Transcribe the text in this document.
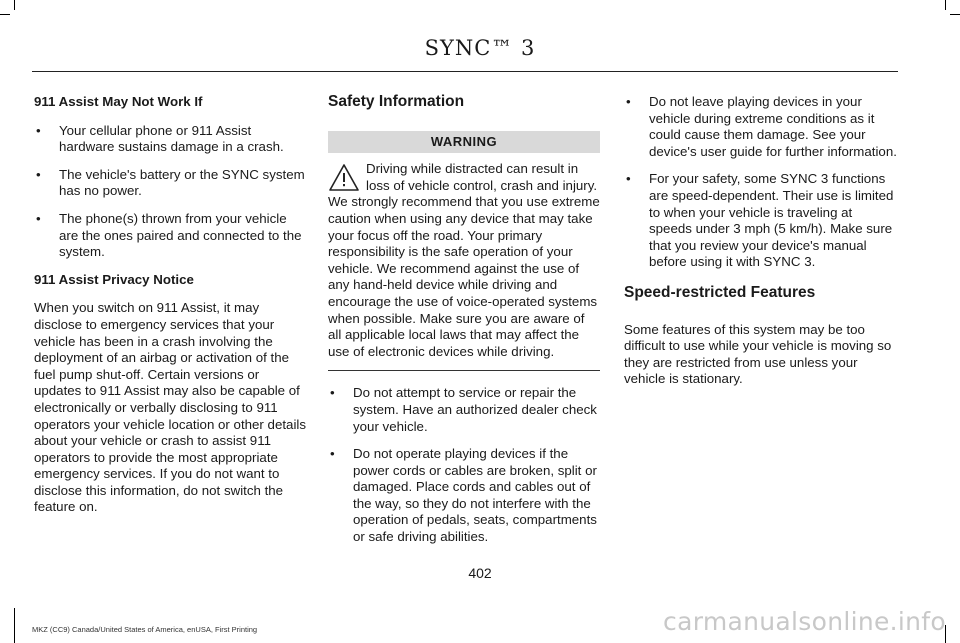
SYNC™ 3
911 Assist May Not Work If
• Your cellular phone or 911 Assist hardware sustains damage in a crash.
• The vehicle's battery or the SYNC system has no power.
• The phone(s) thrown from your vehicle are the ones paired and connected to the system.
911 Assist Privacy Notice

When you switch on 911 Assist, it may disclose to emergency services that your vehicle has been in a crash involving the deployment of an airbag or activation of the fuel pump shut-off. Certain versions or updates to 911 Assist may also be capable of electronically or verbally disclosing to 911 operators your vehicle location or other details about your vehicle or crash to assist 911 operators to provide the most appropriate emergency services. If you do not want to disclose this information, do not switch the feature on.

Safety Information
WARNING
Driving while distracted can result in loss of vehicle control, crash and injury. We strongly recommend that you use extreme caution when using any device that may take your focus off the road. Your primary responsibility is the safe operation of your vehicle. We recommend against the use of any hand-held device while driving and encourage the use of voice-operated systems when possible. Make sure you are aware of all applicable local laws that may affect the use of electronic devices while driving.
• Do not attempt to service or repair the system. Have an authorized dealer check your vehicle.
• Do not operate playing devices if the power cords or cables are broken, split or damaged. Place cords and cables out of the way, so they do not interfere with the operation of pedals, seats, compartments or safe driving abilities.
• Do not leave playing devices in your vehicle during extreme conditions as it could cause them damage. See your device's user guide for further information.
• For your safety, some SYNC 3 functions are speed-dependent. Their use is limited to when your vehicle is traveling at speeds under 3 mph (5 km/h). Make sure that you review your device's manual before using it with SYNC 3.
Speed-restricted Features

Some features of this system may be too difficult to use while your vehicle is moving so they are restricted from use unless your vehicle is stationary.

402
MKZ (CC9) Canada/United States of America, enUSA, First Printing	carmanualsonline.info
